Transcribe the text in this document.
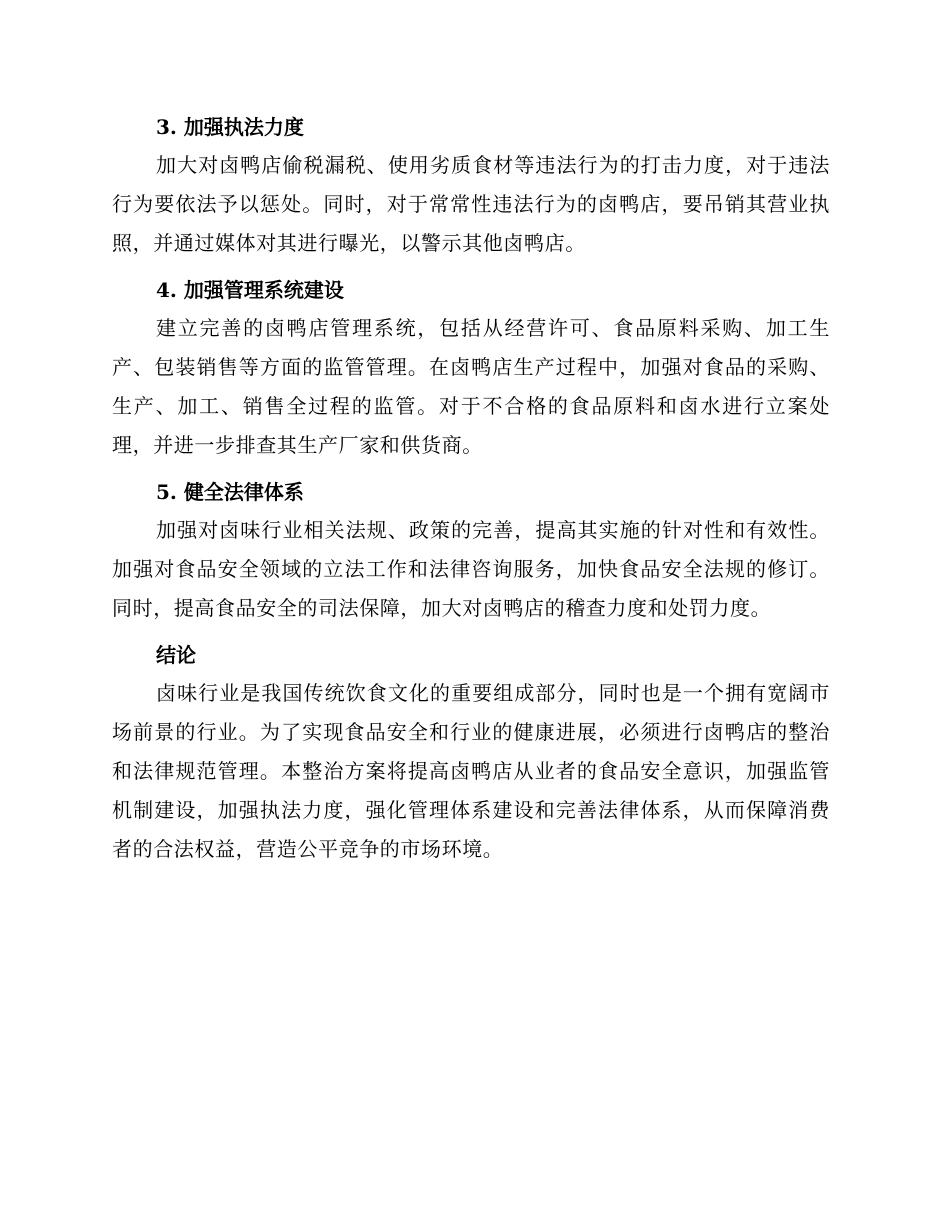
3. 加强执法力度

加大对卤鸭店偷税漏税、使用劣质食材等违法行为的打击力度，对于违法行为要依法予以惩处。同时，对于常常性违法行为的卤鸭店，要吊销其营业执照，并通过媒体对其进行曝光，以警示其他卤鸭店。

4. 加强管理系统建设

建立完善的卤鸭店管理系统，包括从经营许可、食品原料采购、加工生产、包装销售等方面的监管管理。在卤鸭店生产过程中，加强对食品的采购、生产、加工、销售全过程的监管。对于不合格的食品原料和卤水进行立案处理，并进一步排查其生产厂家和供货商。

5. 健全法律体系

加强对卤味行业相关法规、政策的完善，提高其实施的针对性和有效性。加强对食品安全领域的立法工作和法律咨询服务，加快食品安全法规的修订。同时，提高食品安全的司法保障，加大对卤鸭店的稽查力度和处罚力度。

结论

卤味行业是我国传统饮食文化的重要组成部分，同时也是一个拥有宽阔市场前景的行业。为了实现食品安全和行业的健康进展，必须进行卤鸭店的整治和法律规范管理。本整治方案将提高卤鸭店从业者的食品安全意识，加强监管机制建设，加强执法力度，强化管理体系建设和完善法律体系，从而保障消费者的合法权益，营造公平竞争的市场环境。
